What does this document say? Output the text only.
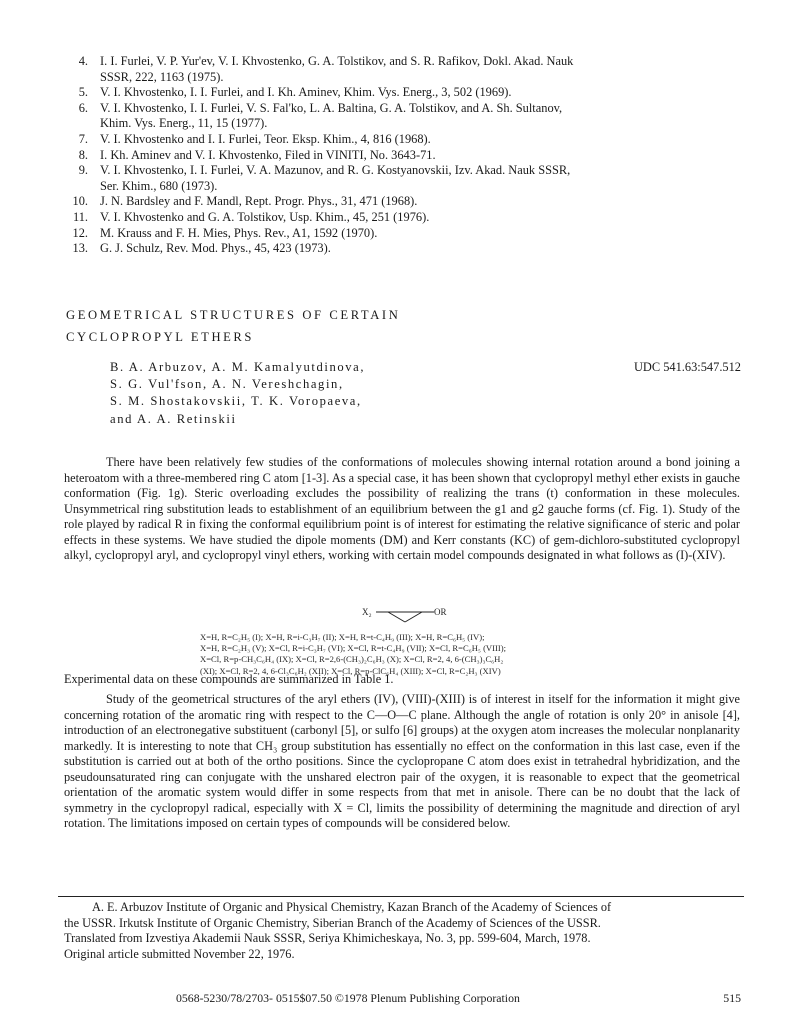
4. I. I. Furlei, V. P. Yur'ev, V. I. Khvostenko, G. A. Tolstikov, and S. R. Rafikov, Dokl. Akad. Nauk
SSSR, 222, 1163 (1975).
5. V. I. Khvostenko, I. I. Furlei, and I. Kh. Aminev, Khim. Vys. Energ., 3, 502 (1969).
6. V. I. Khvostenko, I. I. Furlei, V. S. Fal'ko, L. A. Baltina, G. A. Tolstikov, and A. Sh. Sultanov,
Khim. Vys. Energ., 11, 15 (1977).
7. V. I. Khvostenko and I. I. Furlei, Teor. Eksp. Khim., 4, 816 (1968).
8. I. Kh. Aminev and V. I. Khvostenko, Filed in VINITI, No. 3643-71.
9. V. I. Khvostenko, I. I. Furlei, V. A. Mazunov, and R. G. Kostyanovskii, Izv. Akad. Nauk SSSR,
Ser. Khim., 680 (1973).
10. J. N. Bardsley and F. Mandl, Rept. Progr. Phys., 31, 471 (1968).
11. V. I. Khvostenko and G. A. Tolstikov, Usp. Khim., 45, 251 (1976).
12. M. Krauss and F. H. Mies, Phys. Rev., A1, 1592 (1970).
13. G. J. Schulz, Rev. Mod. Phys., 45, 423 (1973).
GEOMETRICAL STRUCTURES OF CERTAIN
CYCLOPROPYL ETHERS
B. A. Arbuzov, A. M. Kamalyutdinova,
S. G. Vul'fson, A. N. Vereshchagin,
S. M. Shostakovskii, T. K. Voropaeva,
and A. A. Retinskii
UDC 541.63:547.512
There have been relatively few studies of the conformations of molecules showing internal rotation around a bond joining a heteroatom with a three-membered ring C atom [1-3]. As a special case, it has been shown that cyclopropyl methyl ether exists in gauche conformation (Fig. 1g). Steric overloading excludes the possibility of realizing the trans (t) conformation in these molecules. Unsymmetrical ring substitution leads to establishment of an equilibrium between the g1 and g2 gauche forms (cf. Fig. 1). Study of the role played by radical R in fixing the conformal equilibrium point is of interest for estimating the relative significance of steric and polar effects in these systems. We have studied the dipole moments (DM) and Kerr constants (KC) of gem-dichloro-substituted cyclopropyl alkyl, cyclopropyl aryl, and cyclopropyl vinyl ethers, working with certain model compounds designated in what follows as (I)-(XIV).
X₂	OR
X=H, R=C₂H₅ (I); X=H, R=i-C₃H₇ (II); X=H, R=t-C₄H₉ (III); X=H, R=C₆H₅ (IV);
X=H, R=C₂H₃ (V); X=Cl, R=i-C₃H₇ (VI); X=Cl, R=t-C₄H₉ (VII); X=Cl, R=C₆H₅ (VIII);
X=Cl, R=p-CH₃C₆H₄ (IX); X=Cl, R=2,6-(CH₃)₂C₆H₃ (X); X=Cl, R=2, 4, 6-(CH₃)₃C₆H₂
(XI); X=Cl, R=2, 4, 6-Cl₃C₆H₂ (XII); X=Cl, R=p-ClC₆H₄ (XIII); X=Cl, R=C₂H₃ (XIV)
Experimental data on these compounds are summarized in Table 1.
Study of the geometrical structures of the aryl ethers (IV), (VIII)-(XIII) is of interest in itself for the information it might give concerning rotation of the aromatic ring with respect to the C—O—C plane. Although the angle of rotation is only 20° in anisole [4], introduction of an electronegative substituent (carbonyl [5], or sulfo [6] groups) at the oxygen atom increases the molecular nonplanarity markedly. It is interesting to note that CH₃ group substitution has essentially no effect on the conformation in this last case, even if the substitution is carried out at both of the ortho positions. Since the cyclopropane C atom does exist in tetrahedral hybridization, and the pseudounsaturated ring can conjugate with the unshared electron pair of the oxygen, it is reasonable to expect that the geometrical orientation of the aromatic system would differ in some respects from that met in anisole. There can be no doubt that the lack of symmetry in the cyclopropyl radical, especially with X = Cl, limits the possibility of determining the magnitude and direction of aryl rotation. The limitations imposed on certain types of compounds will be considered below.
A. E. Arbuzov Institute of Organic and Physical Chemistry, Kazan Branch of the Academy of Sciences of
the USSR. Irkutsk Institute of Organic Chemistry, Siberian Branch of the Academy of Sciences of the USSR.
Translated from Izvestiya Akademii Nauk SSSR, Seriya Khimicheskaya, No. 3, pp. 599-604, March, 1978.
Original article submitted November 22, 1976.
0568-5230/78/2703- 0515$07.50 ©1978 Plenum Publishing Corporation	515
